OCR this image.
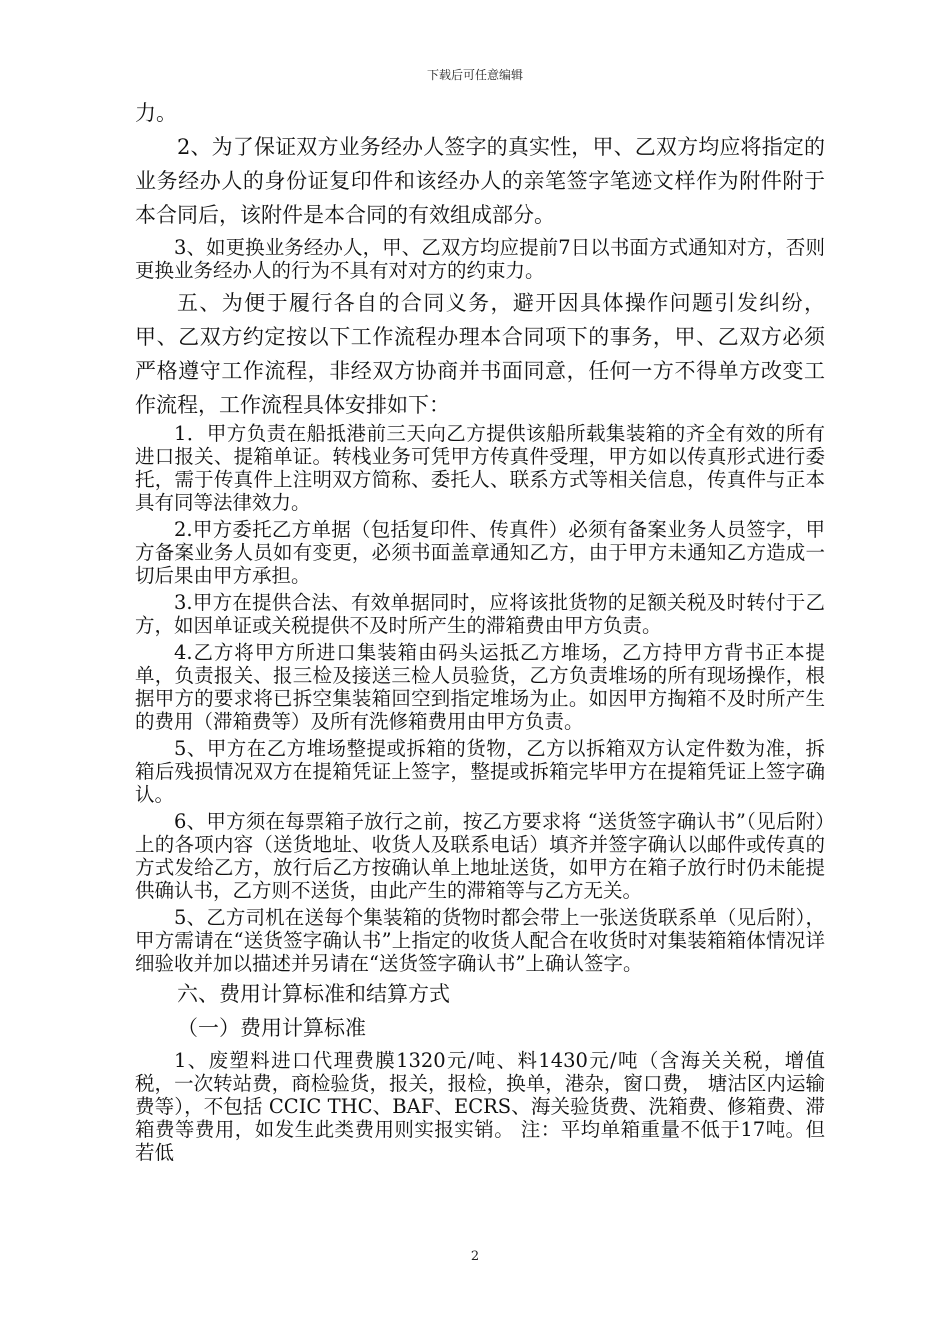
下载后可任意编辑

力。

2、为了保证双方业务经办人签字的真实性，甲、乙双方均应将指定的业务经办人的身份证复印件和该经办人的亲笔签字笔迹文样作为附件附于本合同后，该附件是本合同的有效组成部分。

3、如更换业务经办人，甲、乙双方均应提前7日以书面方式通知对方，否则更换业务经办人的行为不具有对对方的约束力。

五、为便于履行各自的合同义务，避开因具体操作问题引发纠纷，甲、乙双方约定按以下工作流程办理本合同项下的事务，甲、乙双方必须严格遵守工作流程，非经双方协商并书面同意，任何一方不得单方改变工作流程，工作流程具体安排如下：

1．甲方负责在船抵港前三天向乙方提供该船所载集装箱的齐全有效的所有进口报关、提箱单证。转栈业务可凭甲方传真件受理，甲方如以传真形式进行委托，需于传真件上注明双方简称、委托人、联系方式等相关信息，传真件与正本具有同等法律效力。

2.甲方委托乙方单据（包括复印件、传真件）必须有备案业务人员签字，甲方备案业务人员如有变更，必须书面盖章通知乙方，由于甲方未通知乙方造成一切后果由甲方承担。

3.甲方在提供合法、有效单据同时，应将该批货物的足额关税及时转付于乙方，如因单证或关税提供不及时所产生的滞箱费由甲方负责。

4.乙方将甲方所进口集装箱由码头运抵乙方堆场，乙方持甲方背书正本提单，负责报关、报三检及接送三检人员验货，乙方负责堆场的所有现场操作，根据甲方的要求将已拆空集装箱回空到指定堆场为止。如因甲方掏箱不及时所产生的费用（滞箱费等）及所有洗修箱费用由甲方负责。

5、甲方在乙方堆场整提或拆箱的货物，乙方以拆箱双方认定件数为准，拆箱后残损情况双方在提箱凭证上签字，整提或拆箱完毕甲方在提箱凭证上签字确认。

6、甲方须在每票箱子放行之前，按乙方要求将 “送货签字确认书”（见后附）上的各项内容（送货地址、收货人及联系电话）填齐并签字确认以邮件或传真的方式发给乙方，放行后乙方按确认单上地址送货，如甲方在箱子放行时仍未能提供确认书，乙方则不送货，由此产生的滞箱等与乙方无关。

5、乙方司机在送每个集装箱的货物时都会带上一张送货联系单（见后附），甲方需请在“送货签字确认书”上指定的收货人配合在收货时对集装箱箱体情况详细验收并加以描述并另请在“送货签字确认书”上确认签字。

六、费用计算标准和结算方式

（一）费用计算标准

1、废塑料进口代理费膜1320元/吨、料1430元/吨（含海关关税，增值税，一次转站费，商检验货，报关，报检，换单，港杂，窗口费， 塘沽区内运输费等），不包括 CCIC THC、BAF、ECRS、海关验货费、洗箱费、修箱费、滞箱费等费用，如发生此类费用则实报实销。 注：平均单箱重量不低于17吨。但若低

2
